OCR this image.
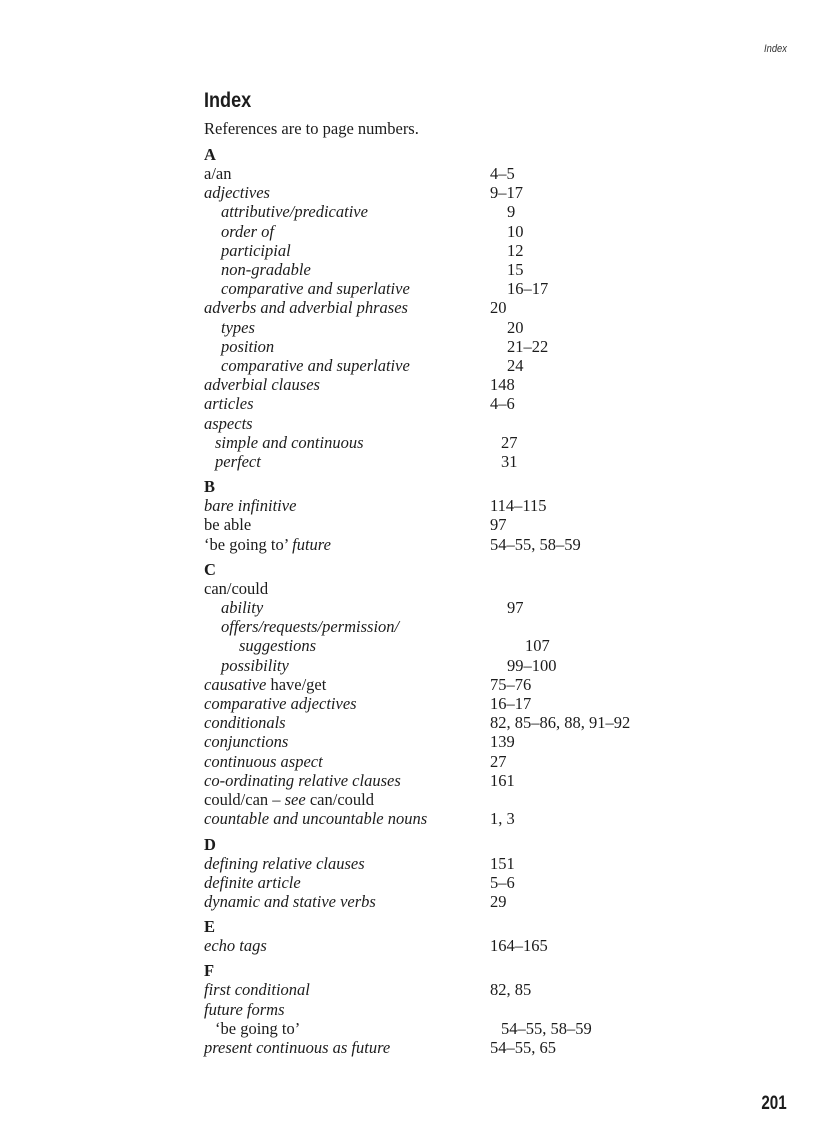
Index
Index
References are to page numbers.
A
a/an	4–5
adjectives	9–17
attributive/predicative	9
order of	10
participial	12
non-gradable	15
comparative and superlative	16–17
adverbs and adverbial phrases	20
types	20
position	21–22
comparative and superlative	24
adverbial clauses	148
articles	4–6
aspects
simple and continuous	27
perfect	31
B
bare infinitive	114–115
be able	97
‘be going to’ future	54–55, 58–59
C
can/could
ability	97
offers/requests/permission/
suggestions	107
possibility	99–100
causative have/get	75–76
comparative adjectives	16–17
conditionals	82, 85–86, 88, 91–92
conjunctions	139
continuous aspect	27
co-ordinating relative clauses	161
could/can – see can/could
countable and uncountable nouns	1, 3
D
defining relative clauses	151
definite article	5–6
dynamic and stative verbs	29
E
echo tags	164–165
F
first conditional	82, 85
future forms
‘be going to’	54–55, 58–59
present continuous as future	54–55, 65
201
